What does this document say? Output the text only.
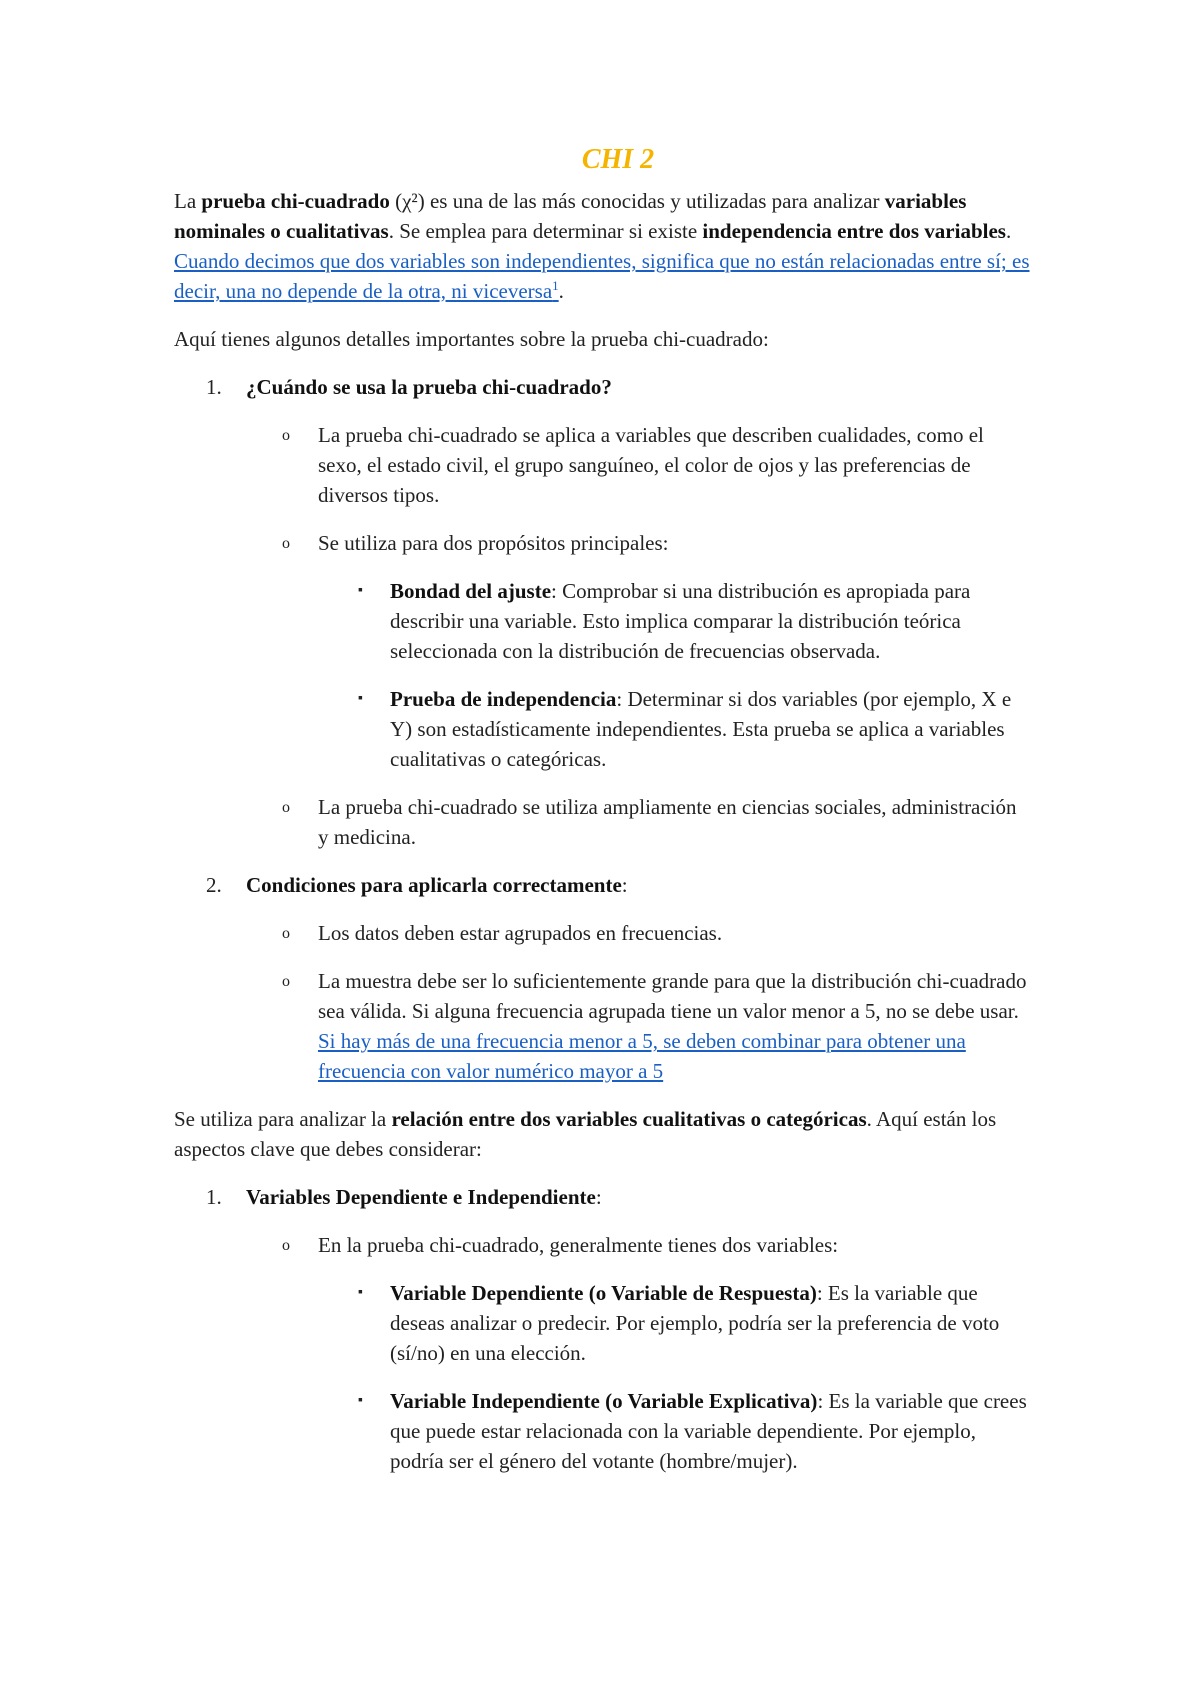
CHI 2

La prueba chi-cuadrado (χ²) es una de las más conocidas y utilizadas para analizar variables nominales o cualitativas. Se emplea para determinar si existe independencia entre dos variables. Cuando decimos que dos variables son independientes, significa que no están relacionadas entre sí; es decir, una no depende de la otra, ni viceversa$^1$.

Aquí tienes algunos detalles importantes sobre la prueba chi-cuadrado:

1. ¿Cuándo se usa la prueba chi-cuadrado?
o La prueba chi-cuadrado se aplica a variables que describen cualidades, como el sexo, el estado civil, el grupo sanguíneo, el color de ojos y las preferencias de diversos tipos.
o Se utiliza para dos propósitos principales:
▪ Bondad del ajuste: Comprobar si una distribución es apropiada para describir una variable. Esto implica comparar la distribución teórica seleccionada con la distribución de frecuencias observada.
▪ Prueba de independencia: Determinar si dos variables (por ejemplo, X e Y) son estadísticamente independientes. Esta prueba se aplica a variables cualitativas o categóricas.
o La prueba chi-cuadrado se utiliza ampliamente en ciencias sociales, administración y medicina.
2. Condiciones para aplicarla correctamente:
o Los datos deben estar agrupados en frecuencias.
o La muestra debe ser lo suficientemente grande para que la distribución chi-cuadrado sea válida. Si alguna frecuencia agrupada tiene un valor menor a 5, no se debe usar. Si hay más de una frecuencia menor a 5, se deben combinar para obtener una frecuencia con valor numérico mayor a 5

Se utiliza para analizar la relación entre dos variables cualitativas o categóricas. Aquí están los aspectos clave que debes considerar:

1. Variables Dependiente e Independiente:
o En la prueba chi-cuadrado, generalmente tienes dos variables:
▪ Variable Dependiente (o Variable de Respuesta): Es la variable que deseas analizar o predecir. Por ejemplo, podría ser la preferencia de voto (sí/no) en una elección.
▪ Variable Independiente (o Variable Explicativa): Es la variable que crees que puede estar relacionada con la variable dependiente. Por ejemplo, podría ser el género del votante (hombre/mujer).
